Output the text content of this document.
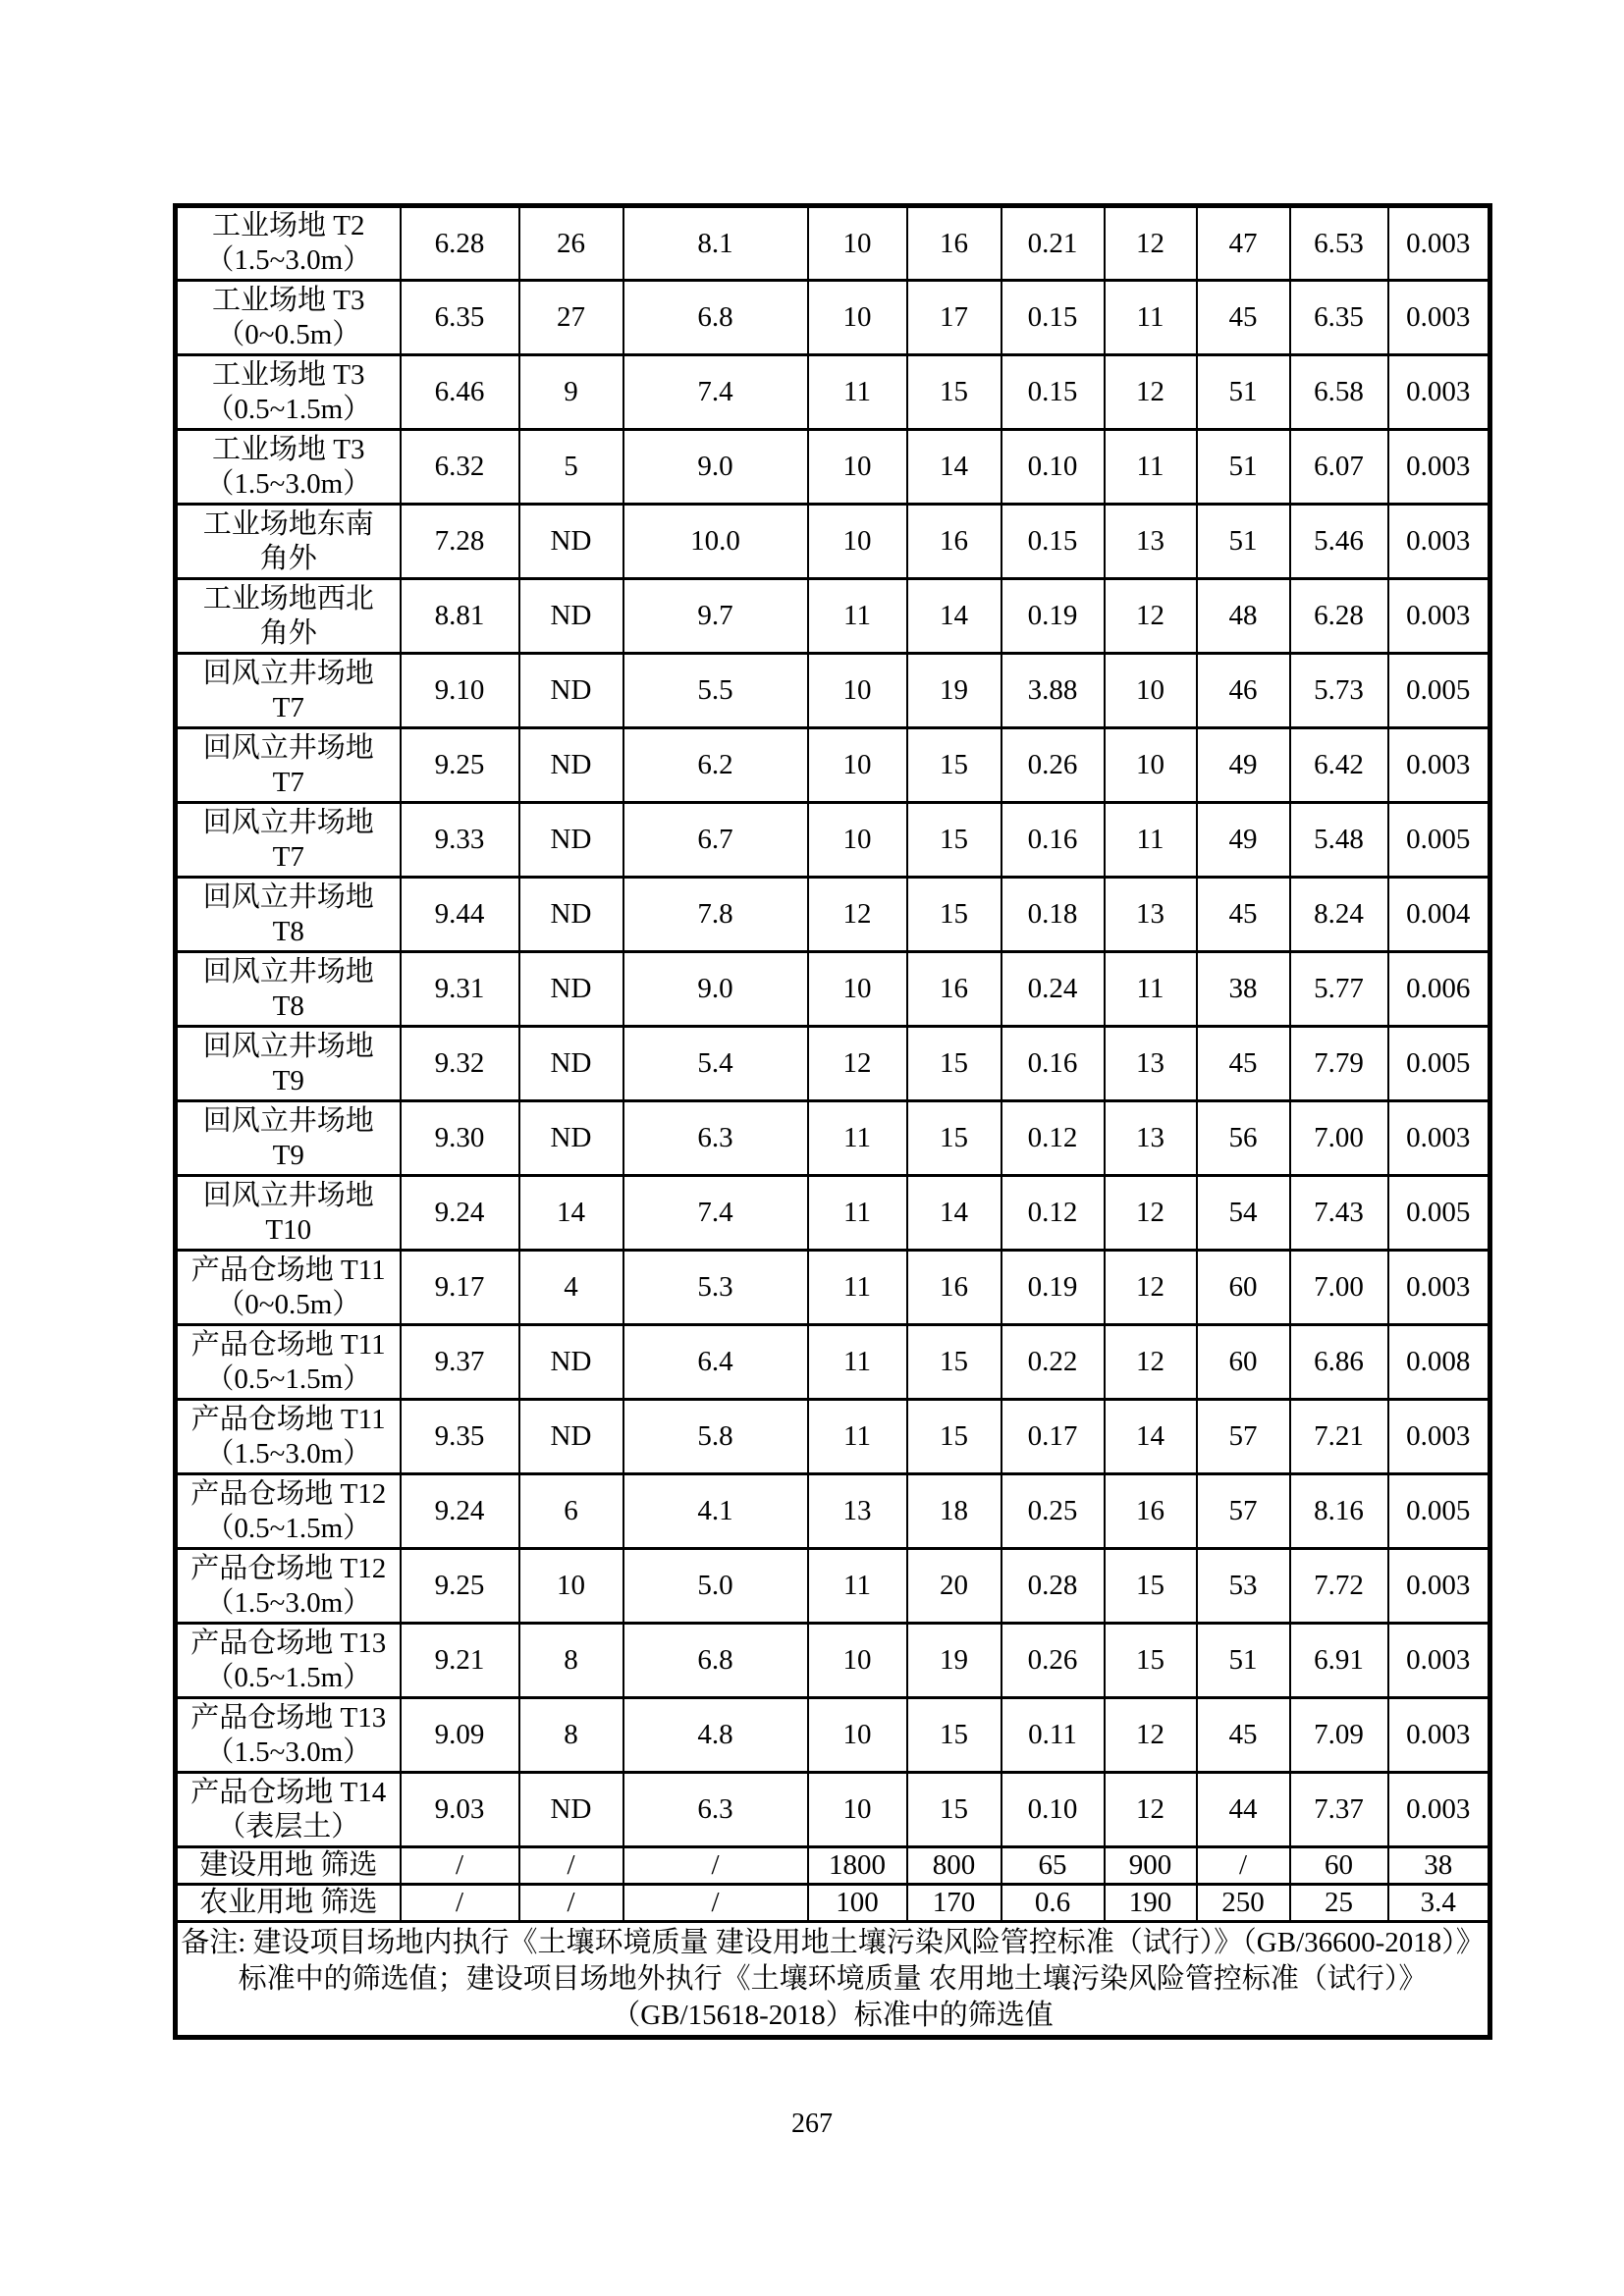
工业场地 T2
（1.5~3.0m）	6.28	26	8.1	10	16	0.21	12	47	6.53	0.003

工业场地 T3
（0~0.5m）	6.35	27	6.8	10	17	0.15	11	45	6.35	0.003

工业场地 T3
（0.5~1.5m）	6.46	9	7.4	11	15	0.15	12	51	6.58	0.003

工业场地 T3
（1.5~3.0m）	6.32	5	9.0	10	14	0.10	11	51	6.07	0.003

工业场地东南
角外	7.28	ND	10.0	10	16	0.15	13	51	5.46	0.003

工业场地西北
角外	8.81	ND	9.7	11	14	0.19	12	48	6.28	0.003

回风立井场地
T7	9.10	ND	5.5	10	19	3.88	10	46	5.73	0.005

回风立井场地
T7	9.25	ND	6.2	10	15	0.26	10	49	6.42	0.003

回风立井场地
T7	9.33	ND	6.7	10	15	0.16	11	49	5.48	0.005

回风立井场地
T8	9.44	ND	7.8	12	15	0.18	13	45	8.24	0.004

回风立井场地
T8	9.31	ND	9.0	10	16	0.24	11	38	5.77	0.006

回风立井场地
T9	9.32	ND	5.4	12	15	0.16	13	45	7.79	0.005

回风立井场地
T9	9.30	ND	6.3	11	15	0.12	13	56	7.00	0.003

回风立井场地
T10	9.24	14	7.4	11	14	0.12	12	54	7.43	0.005

产品仓场地 T11
（0~0.5m）	9.17	4	5.3	11	16	0.19	12	60	7.00	0.003

产品仓场地 T11
（0.5~1.5m）	9.37	ND	6.4	11	15	0.22	12	60	6.86	0.008

产品仓场地 T11
（1.5~3.0m）	9.35	ND	5.8	11	15	0.17	14	57	7.21	0.003

产品仓场地 T12
（0.5~1.5m）	9.24	6	4.1	13	18	0.25	16	57	8.16	0.005

产品仓场地 T12
（1.5~3.0m）	9.25	10	5.0	11	20	0.28	15	53	7.72	0.003

产品仓场地 T13
（0.5~1.5m）	9.21	8	6.8	10	19	0.26	15	51	6.91	0.003

产品仓场地 T13
（1.5~3.0m）	9.09	8	4.8	10	15	0.11	12	45	7.09	0.003

产品仓场地 T14
（表层土）	9.03	ND	6.3	10	15	0.10	12	44	7.37	0.003

建设用地 筛选	/	/	/	1800	800	65	900	/	60	38

农业用地 筛选	/	/	/	100	170	0.6	190	250	25	3.4

备注: 建设项目场地内执行《土壤环境质量 建设用地土壤污染风险管控标准（试行）》（GB/36600-2018）》
标准中的筛选值；建设项目场地外执行《土壤环境质量 农用地土壤污染风险管控标准（试行）》
（GB/15618-2018）标准中的筛选值										
267
